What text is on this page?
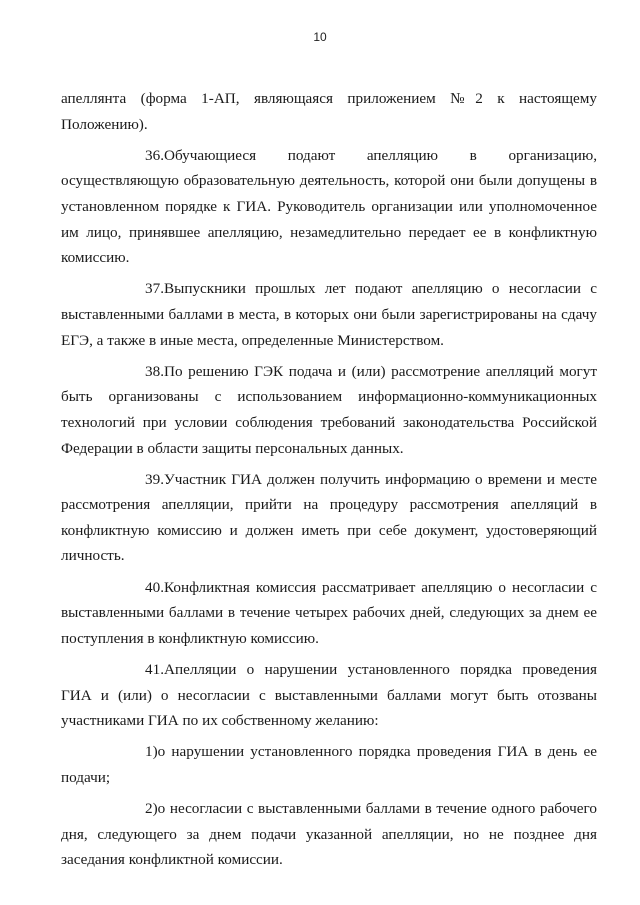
10

апеллянта (форма 1-АП, являющаяся приложением №2 к настоящему Положению).

36.Обучающиеся подают апелляцию в организацию, осуществляющую образовательную деятельность, которой они были допущены в установленном порядке к ГИА. Руководитель организации или уполномоченное им лицо, принявшее апелляцию, незамедлительно передает ее в конфликтную комиссию.

37.Выпускники прошлых лет подают апелляцию о несогласии с выставленными баллами в места, в которых они были зарегистрированы на сдачу ЕГЭ, а также в иные места, определенные Министерством.

38.По решению ГЭК подача и (или) рассмотрение апелляций могут быть организованы с использованием информационно-коммуникационных технологий при условии соблюдения требований законодательства Российской Федерации в области защиты персональных данных.

39.Участник ГИА должен получить информацию о времени и месте рассмотрения апелляции, прийти на процедуру рассмотрения апелляций в конфликтную комиссию и должен иметь при себе документ, удостоверяющий личность.

40.Конфликтная комиссия рассматривает апелляцию о несогласии с выставленными баллами в течение четырех рабочих дней, следующих за днем ее поступления в конфликтную комиссию.

41.Апелляции о нарушении установленного порядка проведения ГИА и (или) о несогласии с выставленными баллами могут быть отозваны участниками ГИА по их собственному желанию:

1)о нарушении установленного порядка проведения ГИА в день ее подачи;

2)о несогласии с выставленными баллами в течение одного рабочего дня, следующего за днем подачи указанной апелляции, но не позднее дня заседания конфликтной комиссии.
